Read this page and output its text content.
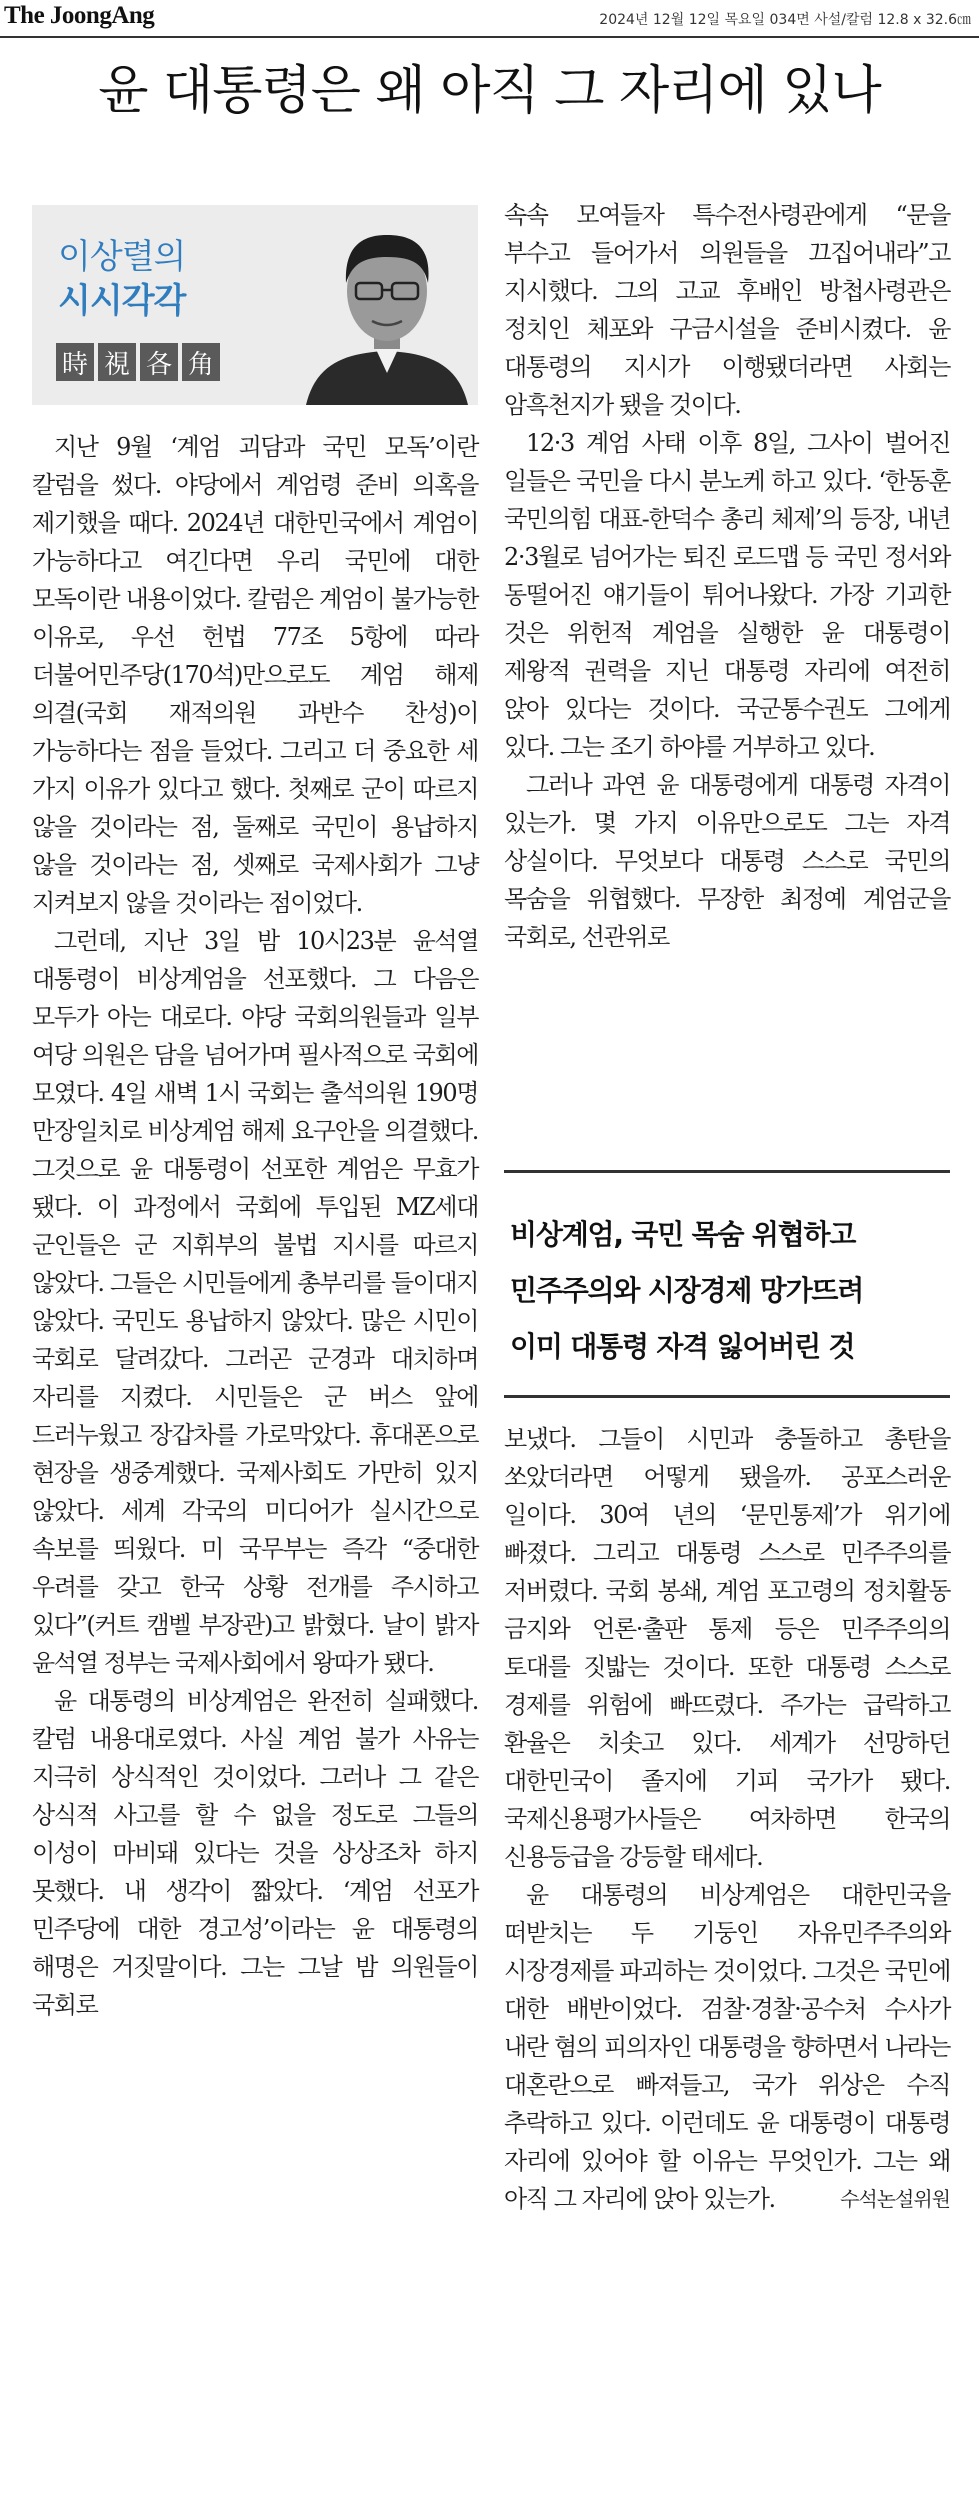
The JoongAng	2024년 12월 12일 목요일 034면 사설/칼럼 12.8 x 32.6㎝
윤 대통령은 왜 아직 그 자리에 있나
이상렬의
시시각각
時 視 各 角

지난 9월 ‘계엄 괴담과 국민 모독’이란 칼럼을 썼다. 야당에서 계엄령 준비 의혹을 제기했을 때다. 2024년 대한민국에서 계엄이 가능하다고 여긴다면 우리 국민에 대한 모독이란 내용이었다. 칼럼은 계엄이 불가능한 이유로, 우선 헌법 77조 5항에 따라 더불어민주당(170석)만으로도 계엄 해제 의결(국회 재적의원 과반수 찬성)이 가능하다는 점을 들었다. 그리고 더 중요한 세 가지 이유가 있다고 했다. 첫째로 군이 따르지 않을 것이라는 점, 둘째로 국민이 용납하지 않을 것이라는 점, 셋째로 국제사회가 그냥 지켜보지 않을 것이라는 점이었다.

그런데, 지난 3일 밤 10시23분 윤석열 대통령이 비상계엄을 선포했다. 그 다음은 모두가 아는 대로다. 야당 국회의원들과 일부 여당 의원은 담을 넘어가며 필사적으로 국회에 모였다. 4일 새벽 1시 국회는 출석의원 190명 만장일치로 비상계엄 해제 요구안을 의결했다. 그것으로 윤 대통령이 선포한 계엄은 무효가 됐다. 이 과정에서 국회에 투입된 MZ세대 군인들은 군 지휘부의 불법 지시를 따르지 않았다. 그들은 시민들에게 총부리를 들이대지 않았다. 국민도 용납하지 않았다. 많은 시민이 국회로 달려갔다. 그러곤 군경과 대치하며 자리를 지켰다. 시민들은 군 버스 앞에 드러누웠고 장갑차를 가로막았다. 휴대폰으로 현장을 생중계했다. 국제사회도 가만히 있지 않았다. 세계 각국의 미디어가 실시간으로 속보를 띄웠다. 미 국무부는 즉각 “중대한 우려를 갖고 한국 상황 전개를 주시하고 있다”(커트 캠벨 부장관)고 밝혔다. 날이 밝자 윤석열 정부는 국제사회에서 왕따가 됐다.

윤 대통령의 비상계엄은 완전히 실패했다. 칼럼 내용대로였다. 사실 계엄 불가 사유는 지극히 상식적인 것이었다. 그러나 그 같은 상식적 사고를 할 수 없을 정도로 그들의 이성이 마비돼 있다는 것을 상상조차 하지 못했다. 내 생각이 짧았다. ‘계엄 선포가 민주당에 대한 경고성’이라는 윤 대통령의 해명은 거짓말이다. 그는 그날 밤 의원들이 국회로

속속 모여들자 특수전사령관에게 “문을 부수고 들어가서 의원들을 끄집어내라”고 지시했다. 그의 고교 후배인 방첩사령관은 정치인 체포와 구금시설을 준비시켰다. 윤 대통령의 지시가 이행됐더라면 사회는 암흑천지가 됐을 것이다.

12·3 계엄 사태 이후 8일, 그사이 벌어진 일들은 국민을 다시 분노케 하고 있다. ‘한동훈 국민의힘 대표-한덕수 총리 체제’의 등장, 내년 2·3월로 넘어가는 퇴진 로드맵 등 국민 정서와 동떨어진 얘기들이 튀어나왔다. 가장 기괴한 것은 위헌적 계엄을 실행한 윤 대통령이 제왕적 권력을 지닌 대통령 자리에 여전히 앉아 있다는 것이다. 국군통수권도 그에게 있다. 그는 조기 하야를 거부하고 있다.

그러나 과연 윤 대통령에게 대통령 자격이 있는가. 몇 가지 이유만으로도 그는 자격 상실이다. 무엇보다 대통령 스스로 국민의 목숨을 위협했다. 무장한 최정예 계엄군을 국회로, 선관위로

비상계엄, 국민 목숨 위협하고
민주주의와 시장경제 망가뜨려
이미 대통령 자격 잃어버린 것

보냈다. 그들이 시민과 충돌하고 총탄을 쏘았더라면 어떻게 됐을까. 공포스러운 일이다. 30여 년의 ‘문민통제’가 위기에 빠졌다. 그리고 대통령 스스로 민주주의를 저버렸다. 국회 봉쇄, 계엄 포고령의 정치활동 금지와 언론·출판 통제 등은 민주주의의 토대를 짓밟는 것이다. 또한 대통령 스스로 경제를 위험에 빠뜨렸다. 주가는 급락하고 환율은 치솟고 있다. 세계가 선망하던 대한민국이 졸지에 기피 국가가 됐다. 국제신용평가사들은 여차하면 한국의 신용등급을 강등할 태세다.

윤 대통령의 비상계엄은 대한민국을 떠받치는 두 기둥인 자유민주주의와 시장경제를 파괴하는 것이었다. 그것은 국민에 대한 배반이었다. 검찰·경찰·공수처 수사가 내란 혐의 피의자인 대통령을 향하면서 나라는 대혼란으로 빠져들고, 국가 위상은 수직 추락하고 있다. 이런데도 윤 대통령이 대통령 자리에 있어야 할 이유는 무엇인가. 그는 왜 아직 그 자리에 앉아 있는가.	수석논설위원
